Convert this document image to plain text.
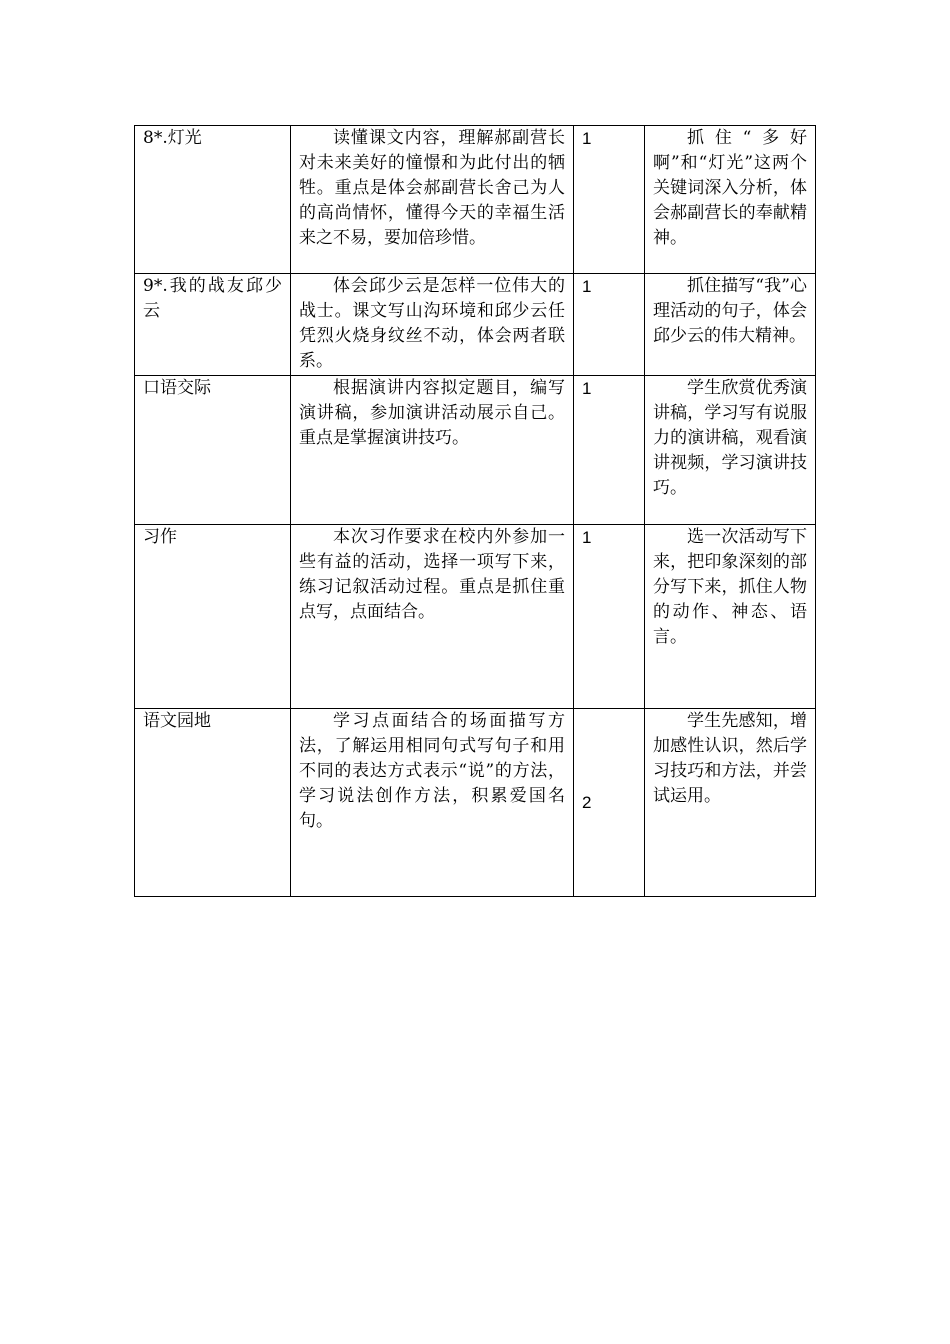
8*.灯光	读懂课文内容，理解郝副营长对未来美好的憧憬和为此付出的牺牲。重点是体会郝副营长舍己为人的高尚情怀，懂得今天的幸福生活来之不易，要加倍珍惜。	1	抓住“多好啊”和“灯光”这两个关键词深入分析，体会郝副营长的奉献精神。

9*.我的战友邱少云	体会邱少云是怎样一位伟大的战士。课文写山沟环境和邱少云任凭烈火烧身纹丝不动，体会两者联系。	1	抓住描写“我”心理活动的句子，体会邱少云的伟大精神。

口语交际	根据演讲内容拟定题目，编写演讲稿，参加演讲活动展示自己。重点是掌握演讲技巧。	1	学生欣赏优秀演讲稿，学习写有说服力的演讲稿，观看演讲视频，学习演讲技巧。

习作	本次习作要求在校内外参加一些有益的活动，选择一项写下来，练习记叙活动过程。重点是抓住重点写，点面结合。	1	选一次活动写下来，把印象深刻的部分写下来，抓住人物的动作、神态、语言。

语文园地	学习点面结合的场面描写方法，了解运用相同句式写句子和用不同的表达方式表示“说”的方法，学习说法创作方法，积累爱国名句。	2	学生先感知，增加感性认识，然后学习技巧和方法，并尝试运用。
